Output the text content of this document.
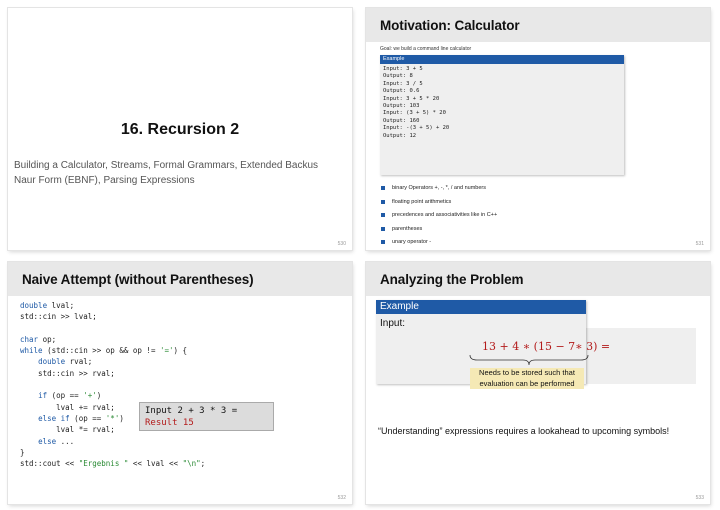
16. Recursion 2
Building a Calculator, Streams, Formal Grammars, Extended Backus Naur Form (EBNF), Parsing Expressions
530
Motivation: Calculator
Goal: we build a command line calculator
Example
Input: 3 + 5
Output: 8
Input: 3 / 5
Output: 0.6
Input: 3 + 5 * 20
Output: 103
Input: (3 + 5) * 20
Output: 160
Input: -(3 + 5) + 20
Output: 12
binary Operators +, -, *, / and numbers
floating point arithmetics
precedences and associativities like in C++
parentheses
unary operator -	531
Naive Attempt (without Parentheses)
double lval;
std::cin >> lval;
char op;
while (std::cin >> op && op != '=') {
double rval;
std::cin >> rval;
if (op == '+')
lval += rval;
else if (op == '*')
lval *= rval;
else ...
}
std::cout << "Ergebnis " << lval << "\n";
Input 2 + 3 * 3 =
Result 15
532
Analyzing the Problem
Example
Input:
13 + 4 ∗ (15 − 7∗ 3) =
Needs to be stored such that evaluation can be performed
“Understanding” expressions requires a lookahead to upcoming symbols!
533
